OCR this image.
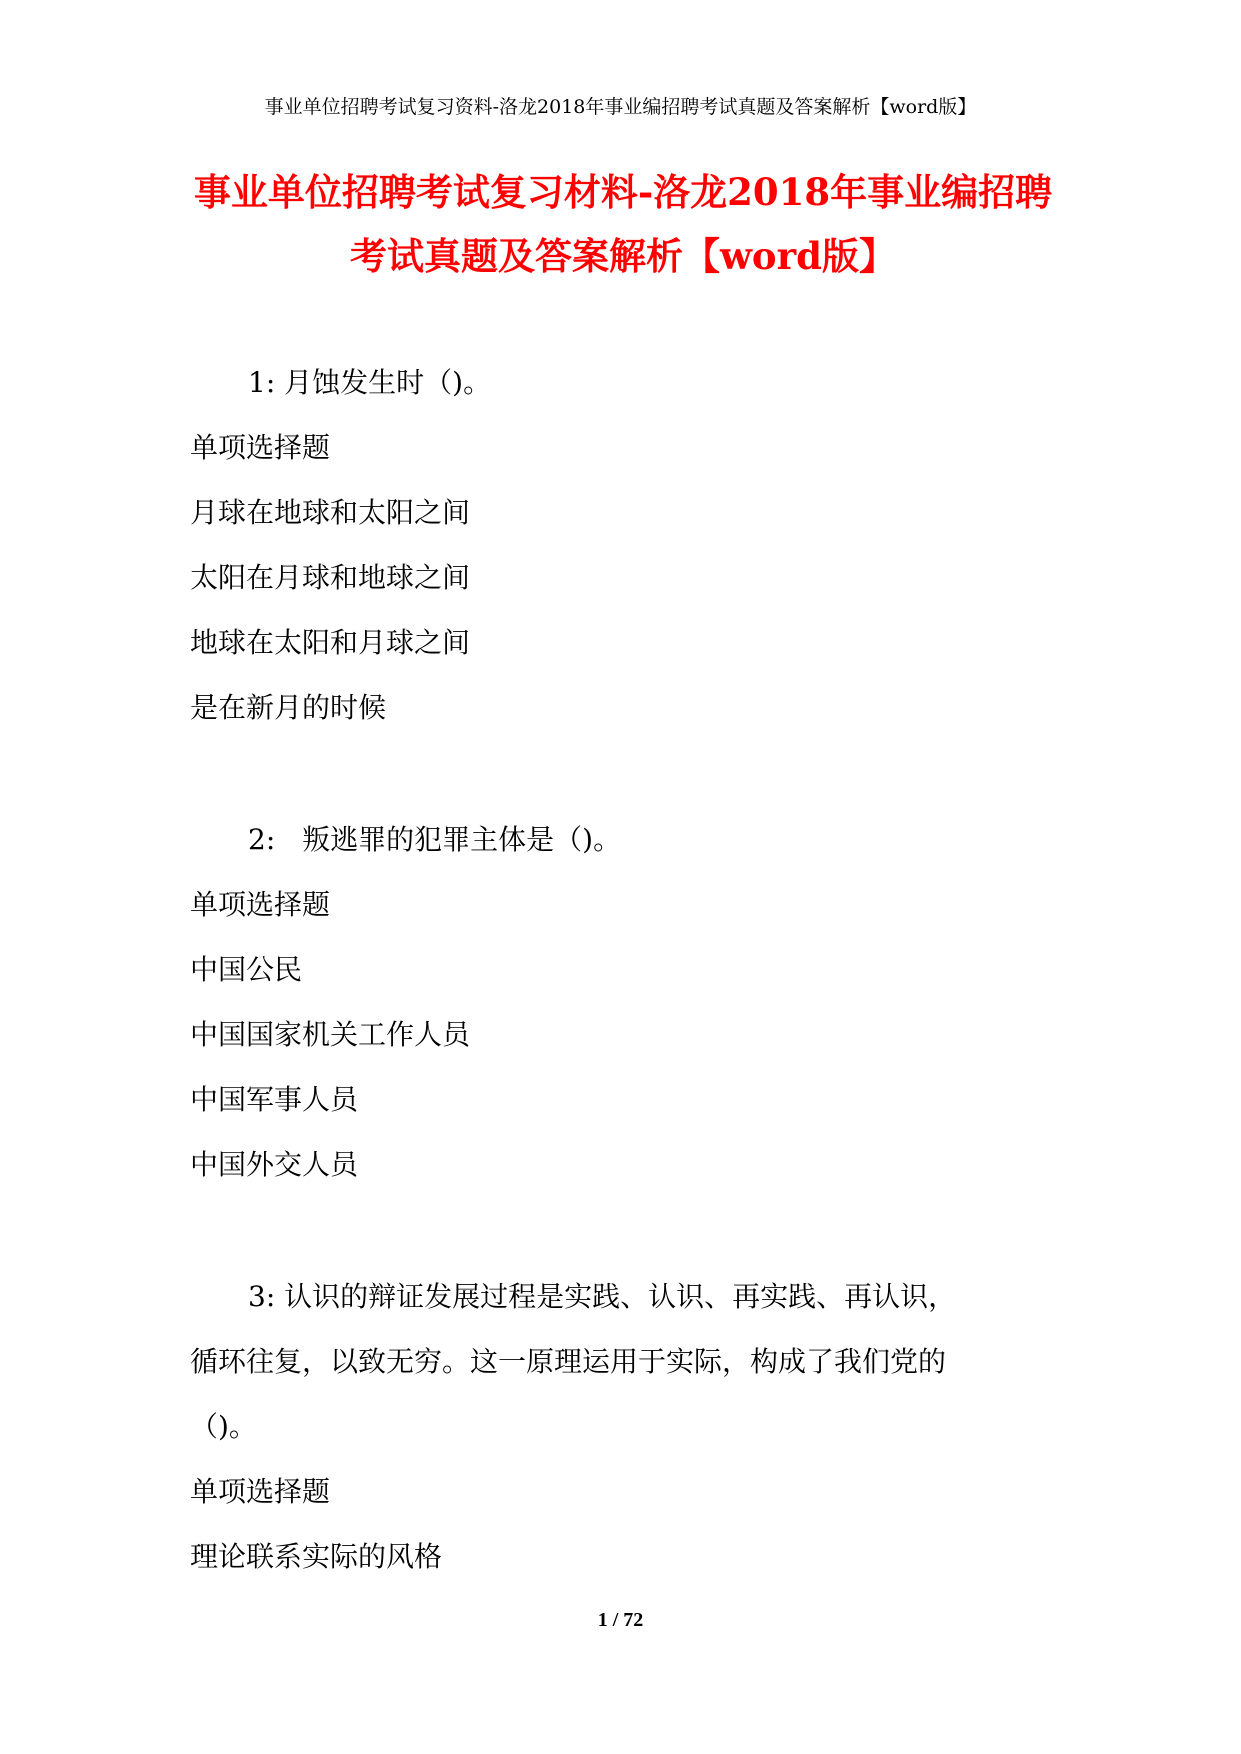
事业单位招聘考试复习资料-洛龙2018年事业编招聘考试真题及答案解析【word版】
事业单位招聘考试复习材料-洛龙2018年事业编招聘
考试真题及答案解析【word版】
1: 月蚀发生时（)。
单项选择题
月球在地球和太阳之间
太阳在月球和地球之间
地球在太阳和月球之间
是在新月的时候
2: 叛逃罪的犯罪主体是（)。
单项选择题
中国公民
中国国家机关工作人员
中国军事人员
中国外交人员
3: 认识的辩证发展过程是实践、认识、再实践、再认识，
循环往复，以致无穷。这一原理运用于实际，构成了我们党的
（)。
单项选择题
理论联系实际的风格
1 / 72
